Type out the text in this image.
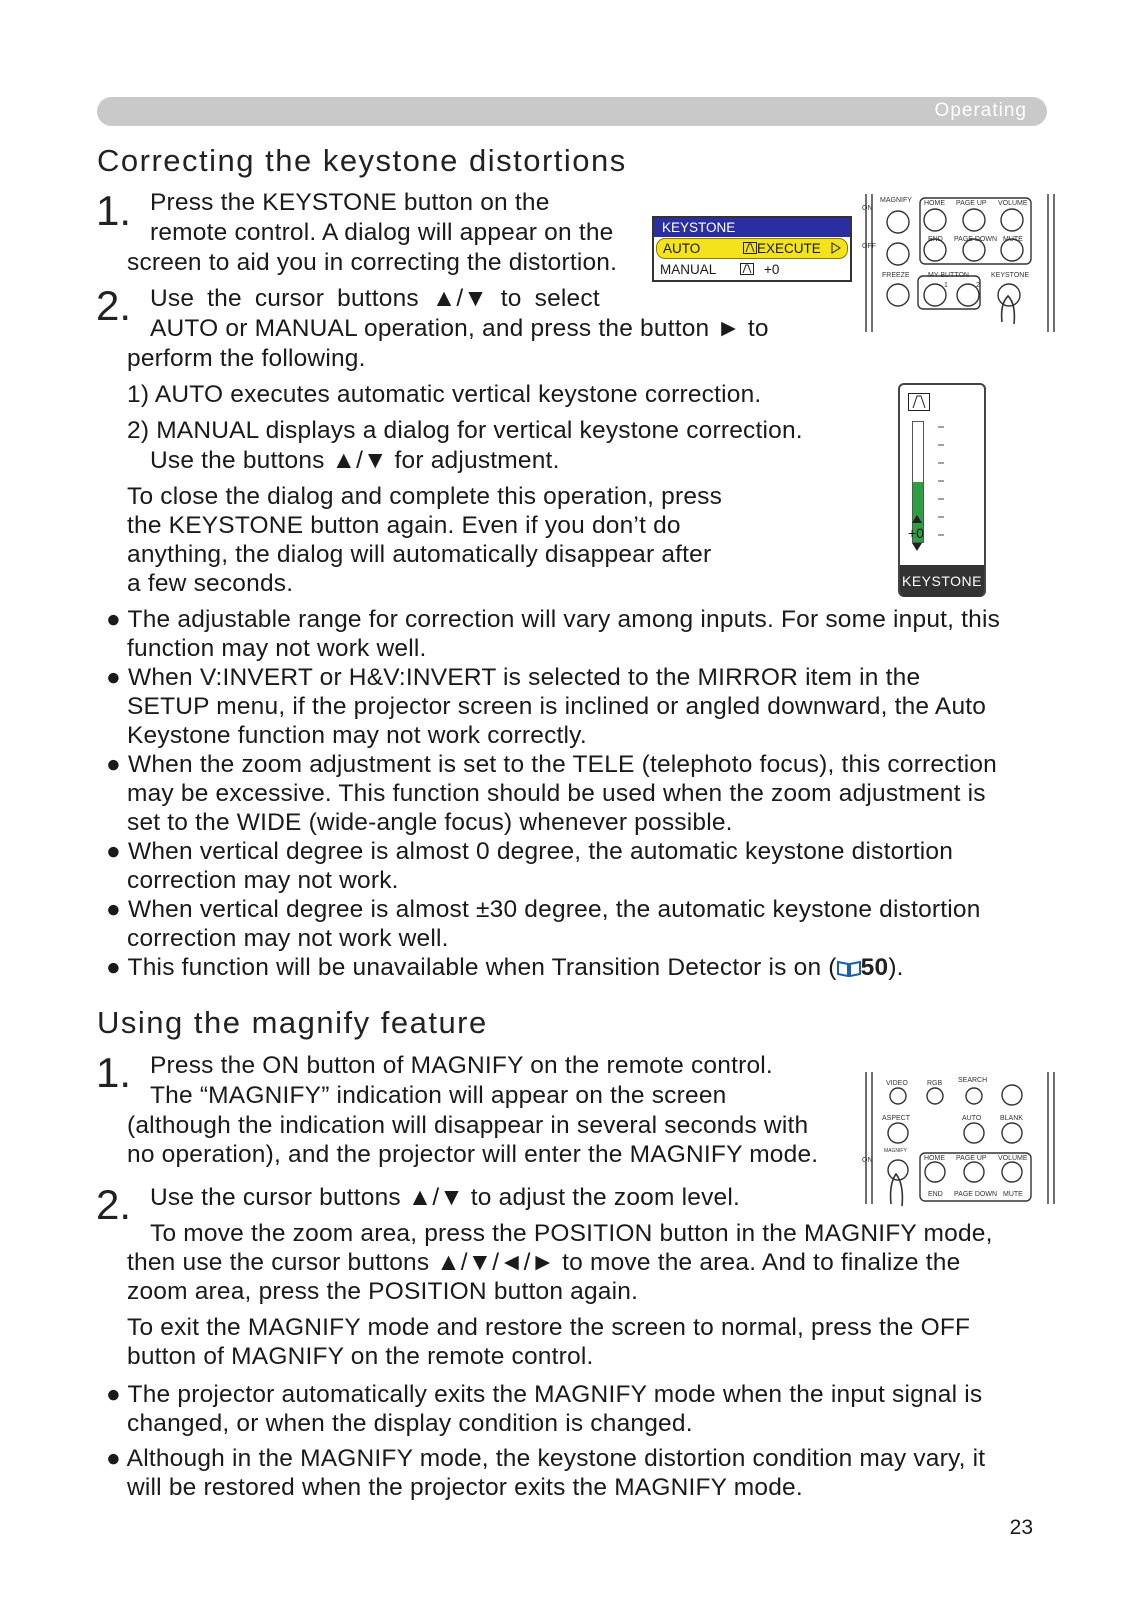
Operating
Correcting the keystone distortions
1. Press the KEYSTONE button on the
remote control. A dialog will appear on the
screen to aid you in correcting the distortion.
KEYSTONE
AUTO	EXECUTE
MANUAL	+0
MAGNIFY
ON
OFF
HOME PAGE UP VOLUME
END PAGE DOWN MUTE
FREEZE	MY BUTTON	KEYSTONE
1	2
2. Use the cursor buttons ▲/▼ to select
AUTO or MANUAL operation, and press the button ► to
perform the following.
1) AUTO executes automatic vertical keystone correction.
2) MANUAL displays a dialog for vertical keystone correction.
Use the buttons ▲/▼ for adjustment.
To close the dialog and complete this operation, press
the KEYSTONE button again. Even if you don’t do
anything, the dialog will automatically disappear after
a few seconds.
+0
KEYSTONE
● The adjustable range for correction will vary among inputs. For some input, this
function may not work well.
● When V:INVERT or H&V:INVERT is selected to the MIRROR item in the
SETUP menu, if the projector screen is inclined or angled downward, the Auto
Keystone function may not work correctly.
● When the zoom adjustment is set to the TELE (telephoto focus), this correction
may be excessive. This function should be used when the zoom adjustment is
set to the WIDE (wide-angle focus) whenever possible.
● When vertical degree is almost 0 degree, the automatic keystone distortion
correction may not work.
● When vertical degree is almost ±30 degree, the automatic keystone distortion
correction may not work well.
● This function will be unavailable when Transition Detector is on ( 50).
Using the magnify feature
1. Press the ON button of MAGNIFY on the remote control.
The “MAGNIFY” indication will appear on the screen
(although the indication will disappear in several seconds with
no operation), and the projector will enter the MAGNIFY mode.
VIDEO	RGB SEARCH
ASPECT	AUTO	BLANK
MAGNIFY
ON	HOME PAGE UP VOLUME
END PAGE DOWN MUTE
2. Use the cursor buttons ▲/▼ to adjust the zoom level.
To move the zoom area, press the POSITION button in the MAGNIFY mode,
then use the cursor buttons ▲/▼/◄/► to move the area. And to finalize the
zoom area, press the POSITION button again.
To exit the MAGNIFY mode and restore the screen to normal, press the OFF
button of MAGNIFY on the remote control.
● The projector automatically exits the MAGNIFY mode when the input signal is
changed, or when the display condition is changed.
● Although in the MAGNIFY mode, the keystone distortion condition may vary, it
will be restored when the projector exits the MAGNIFY mode.
23
